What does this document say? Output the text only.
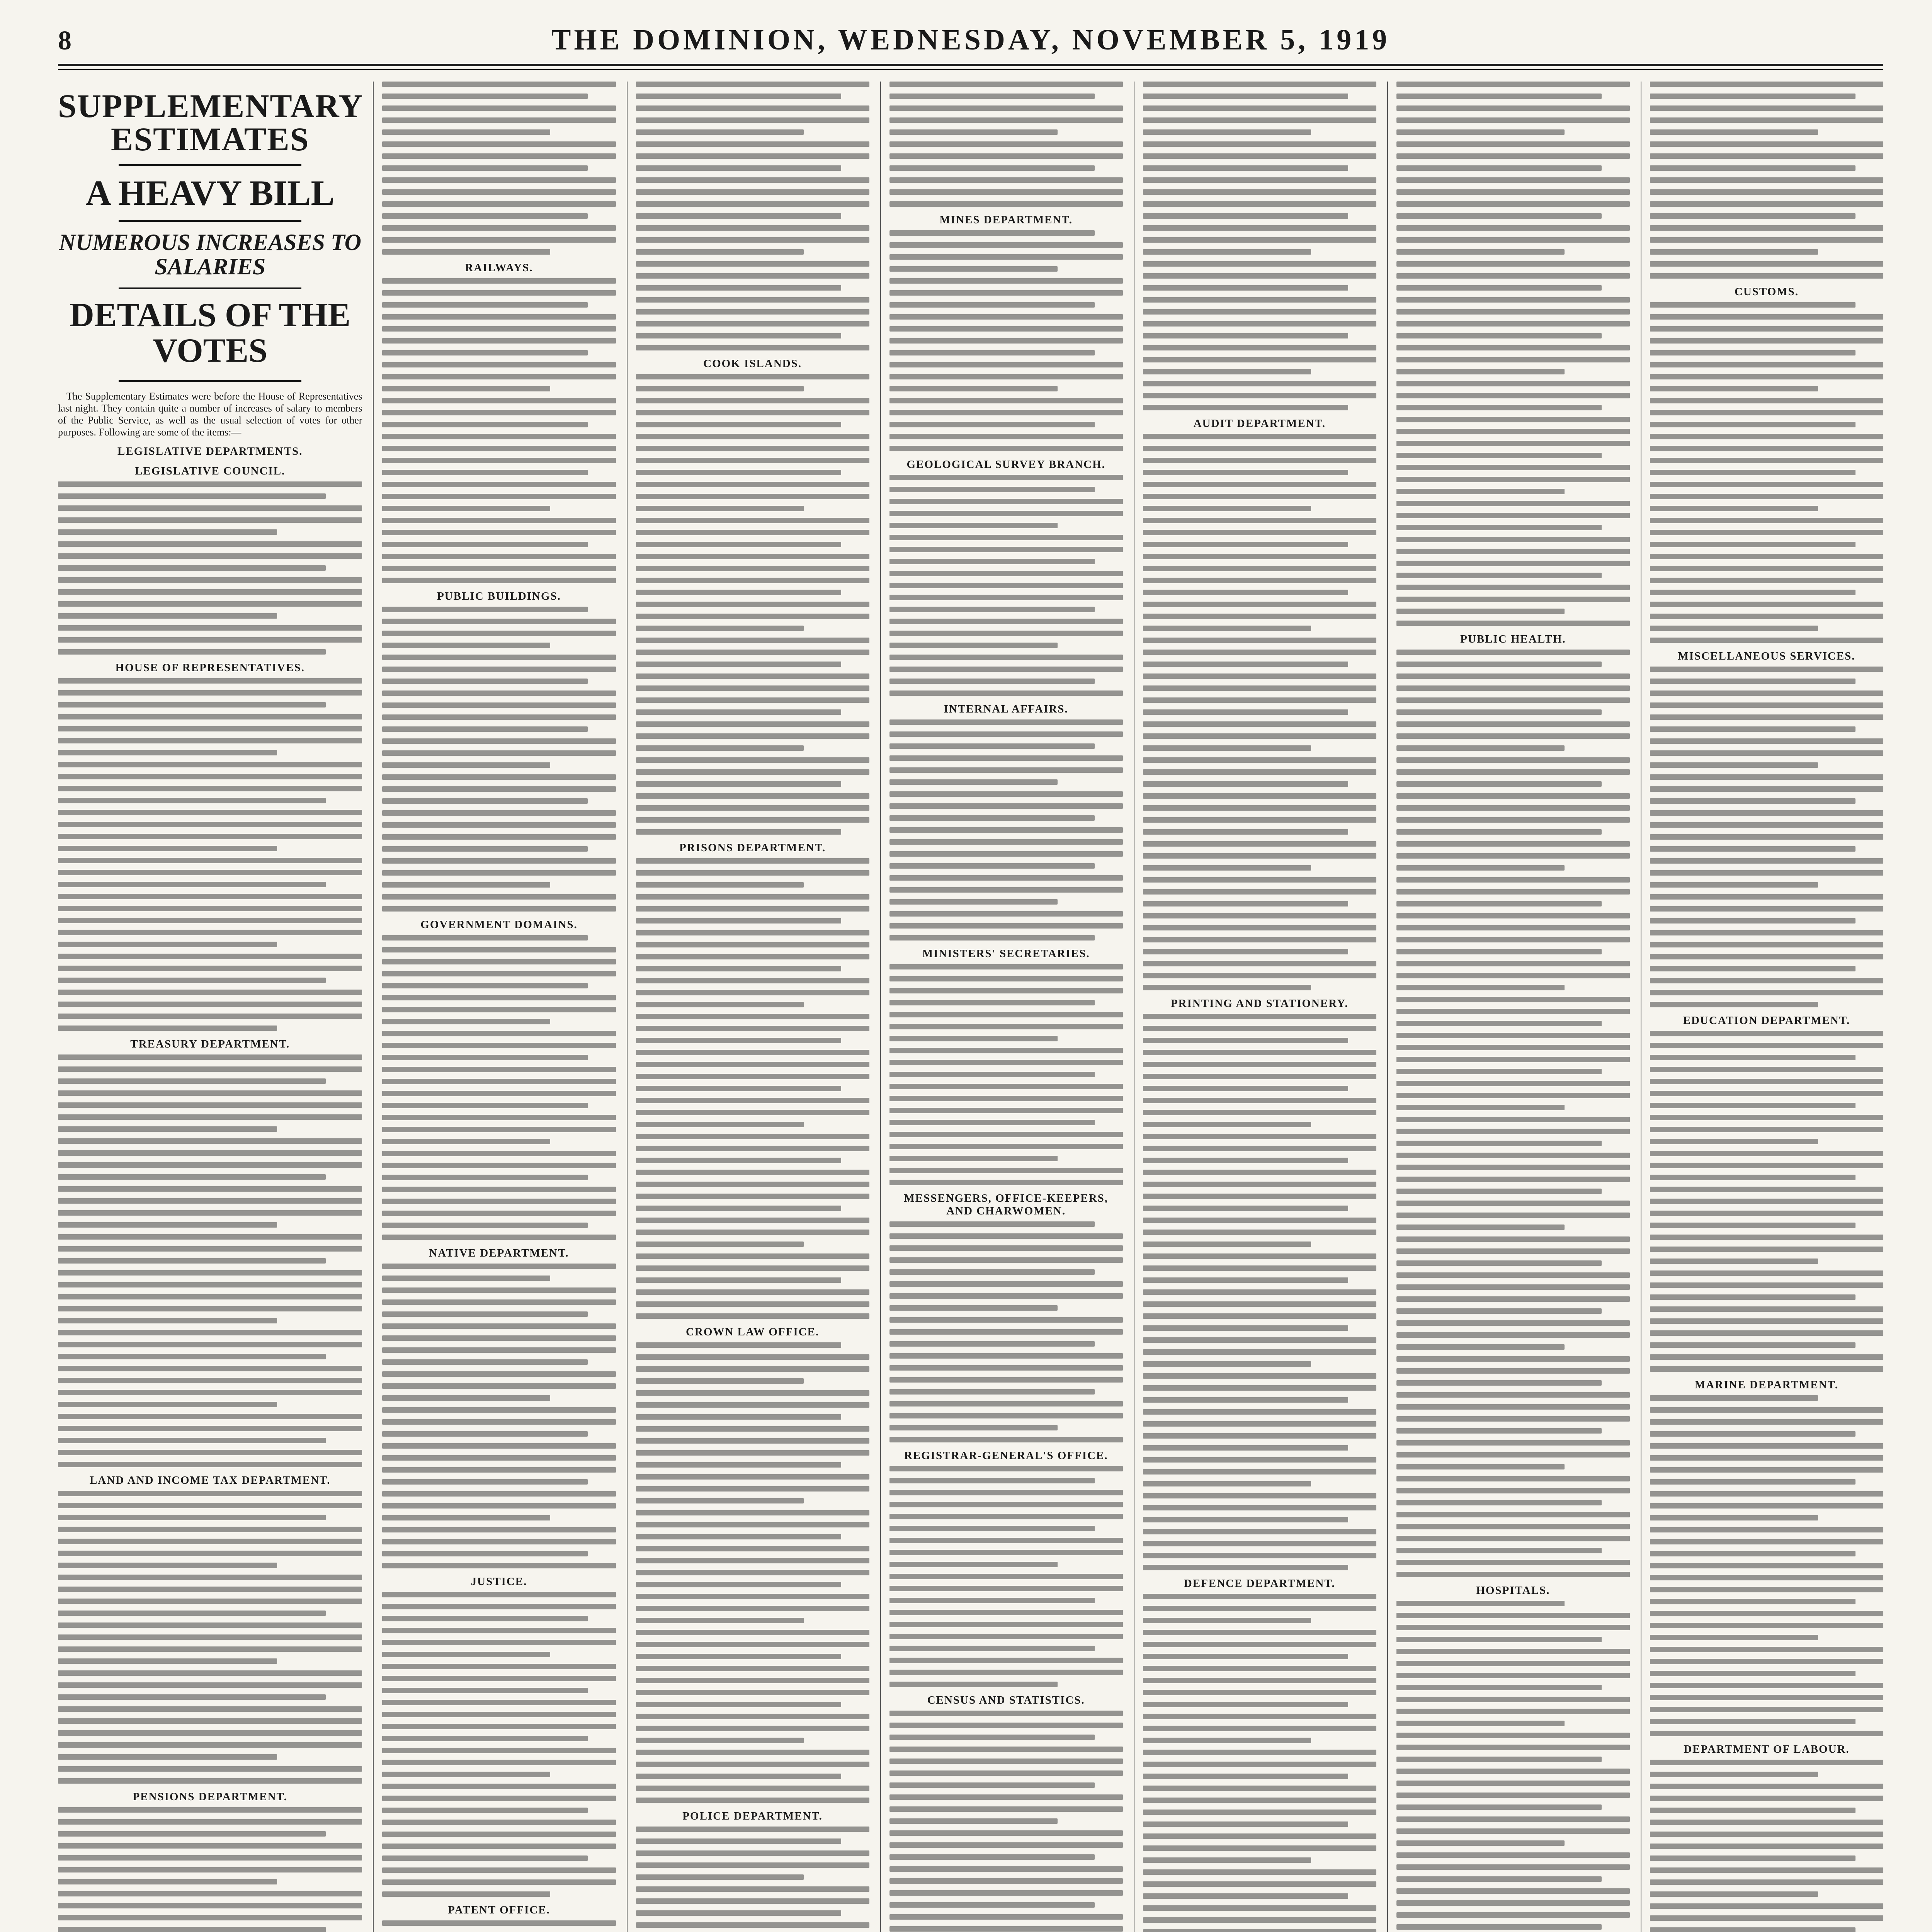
8	THE DOMINION, WEDNESDAY, NOVEMBER 5, 1919
SUPPLEMENTARY ESTIMATES
A HEAVY BILL
NUMEROUS INCREASES TO SALARIES
DETAILS OF THE VOTES

The Supplementary Estimates were before the House of Representatives last night. They contain quite a number of increases of salary to members of the Public Service, as well as the usual selection of votes for other purposes. Following are some of the items:—

LEGISLATIVE DEPARTMENTS.
LEGISLATIVE COUNCIL.
HOUSE OF REPRESENTATIVES.
TREASURY DEPARTMENT.
LAND AND INCOME TAX DEPARTMENT.
PENSIONS DEPARTMENT.
RAILWAYS.
PUBLIC BUILDINGS.
GOVERNMENT DOMAINS.
NATIVE DEPARTMENT.
JUSTICE.
PATENT OFFICE.
COOK ISLANDS.
PRISONS DEPARTMENT.
CROWN LAW OFFICE.
POLICE DEPARTMENT.
MINES DEPARTMENT.
GEOLOGICAL SURVEY BRANCH.
INTERNAL AFFAIRS.
MINISTERS' SECRETARIES.
MESSENGERS, OFFICE-KEEPERS, AND CHARWOMEN.
REGISTRAR-GENERAL'S OFFICE.
CENSUS AND STATISTICS.
AUDIT DEPARTMENT.
PRINTING AND STATIONERY.
DEFENCE DEPARTMENT.
PUBLIC HEALTH.
HOSPITALS.
CUSTOMS.
MISCELLANEOUS SERVICES.
EDUCATION DEPARTMENT.
MARINE DEPARTMENT.
DEPARTMENT OF LABOUR.
